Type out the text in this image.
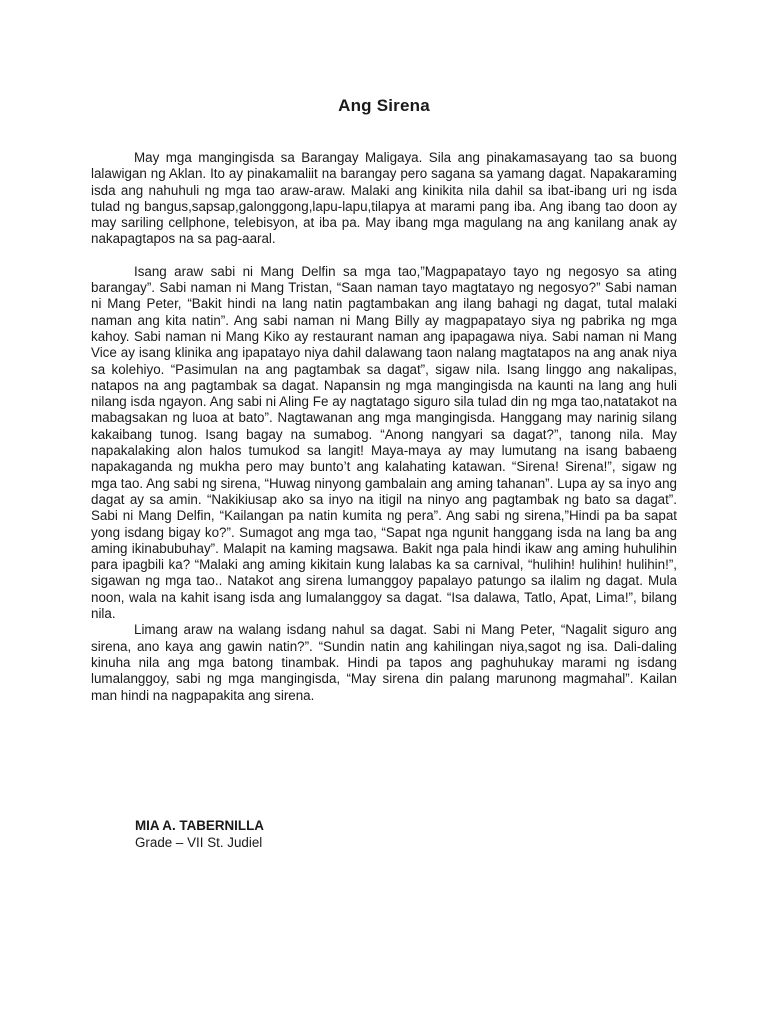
Ang Sirena

May mga mangingisda sa Barangay Maligaya. Sila ang pinakamasayang tao sa buong lalawigan ng Aklan. Ito ay pinakamaliit na barangay pero sagana sa yamang dagat. Napakaraming isda ang nahuhuli ng mga tao araw-araw. Malaki ang kinikita nila dahil sa ibat-ibang uri ng isda tulad ng bangus,sapsap,galonggong,lapu-lapu,tilapya at marami pang iba. Ang ibang tao doon ay may sariling cellphone, telebisyon, at iba pa. May ibang mga magulang na ang kanilang anak ay nakapagtapos na sa pag-aaral.

Isang araw sabi ni Mang Delfin sa mga tao,”Magpapatayo tayo ng negosyo sa ating barangay”. Sabi naman ni Mang Tristan, “Saan naman tayo magtatayo ng negosyo?” Sabi naman ni Mang Peter, “Bakit hindi na lang natin pagtambakan ang ilang bahagi ng dagat, tutal malaki naman ang kita natin”. Ang sabi naman ni Mang Billy ay magpapatayo siya ng pabrika ng mga kahoy. Sabi naman ni Mang Kiko ay restaurant naman ang ipapagawa niya. Sabi naman ni Mang Vice ay isang klinika ang ipapatayo niya dahil dalawang taon nalang magtatapos na ang anak niya sa kolehiyo. “Pasimulan na ang pagtambak sa dagat”, sigaw nila. Isang linggo ang nakalipas, natapos na ang pagtambak sa dagat. Napansin ng mga mangingisda na kaunti na lang ang huli nilang isda ngayon. Ang sabi ni Aling Fe ay nagtatago siguro sila tulad din ng mga tao,natatakot na mabagsakan ng luoa at bato”. Nagtawanan ang mga mangingisda. Hanggang may narinig silang kakaibang tunog. Isang bagay na sumabog. “Anong nangyari sa dagat?”, tanong nila. May napakalaking alon halos tumukod sa langit! Maya-maya ay may lumutang na isang babaeng napakaganda ng mukha pero may bunto’t ang kalahating katawan. “Sirena! Sirena!”, sigaw ng mga tao. Ang sabi ng sirena, “Huwag ninyong gambalain ang aming tahanan”. Lupa ay sa inyo ang dagat ay sa amin. “Nakikiusap ako sa inyo na itigil na ninyo ang pagtambak ng bato sa dagat”. Sabi ni Mang Delfin, “Kailangan pa natin kumita ng pera”. Ang sabi ng sirena,”Hindi pa ba sapat yong isdang bigay ko?”. Sumagot ang mga tao, “Sapat nga ngunit hanggang isda na lang ba ang aming ikinabubuhay”. Malapit na kaming magsawa. Bakit nga pala hindi ikaw ang aming huhulihin para ipagbili ka? “Malaki ang aming kikitain kung lalabas ka sa carnival, “hulihin! hulihin! hulihin!”, sigawan ng mga tao.. Natakot ang sirena lumanggoy papalayo patungo sa ilalim ng dagat. Mula noon, wala na kahit isang isda ang lumalanggoy sa dagat. “Isa dalawa, Tatlo, Apat, Lima!”, bilang nila.

Limang araw na walang isdang nahul sa dagat. Sabi ni Mang Peter, “Nagalit siguro ang sirena, ano kaya ang gawin natin?”. “Sundin natin ang kahilingan niya,sagot ng isa. Dali-daling kinuha nila ang mga batong tinambak. Hindi pa tapos ang paghuhukay marami ng isdang lumalanggoy, sabi ng mga mangingisda, “May sirena din palang marunong magmahal”. Kailan man hindi na nagpapakita ang sirena.

MIA A. TABERNILLA
Grade – VII St. Judiel
